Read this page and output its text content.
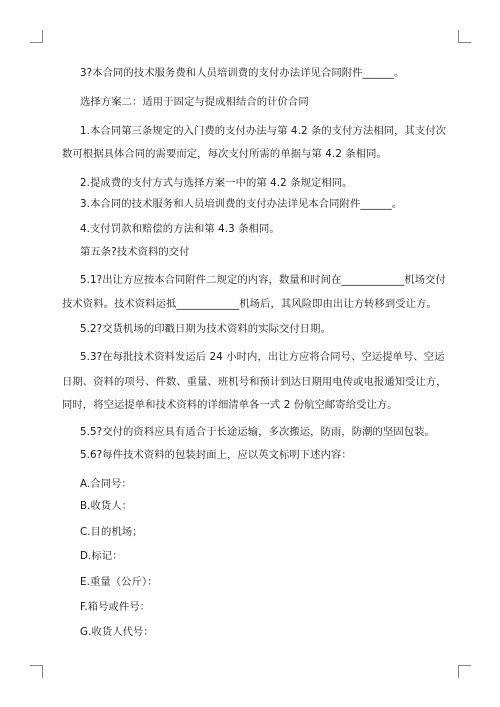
3?本合同的技术服务费和人员培训费的支付办法详见合同附件______。
选择方案二：适用于固定与提成相结合的计价合同
1.本合同第三条规定的入门费的支付办法与第 4.2 条的支付方法相同，其支付次
数可根据具体合同的需要而定，每次支付所需的单据与第 4.2 条相同。
2.提成费的支付方式与选择方案一中的第 4.2 条规定相同。
3.本合同的技术服务和人员培训费的支付办法详见本合同附件______。
4.支付罚款和赔偿的方法和第 4.3 条相同。
第五条?技术资料的交付
5.1?出让方应按本合同附件二规定的内容，数量和时间在____________机场交付
技术资料。技术资料运抵____________机场后，其风险即由出让方转移到受让方。
5.2?交货机场的印戳日期为技术资料的实际交付日期。
5.3?在每批技术资料发运后 24 小时内，出让方应将合同号、空运提单号、空运
日期、资料的项号、件数、重量、班机号和预计到达日期用电传或电报通知受让方，
同时，将空运提单和技术资料的详细清单各一式 2 份航空邮寄给受让方。
5.5?交付的资料应具有适合于长途运输，多次搬运，防雨，防潮的坚固包装。
5.6?每件技术资料的包装封面上，应以英文标明下述内容：
A.合同号：
B.收货人：
C.目的机场；
D.标记：
E.重量（公斤）：
F.箱号或件号：
G.收货人代号：
